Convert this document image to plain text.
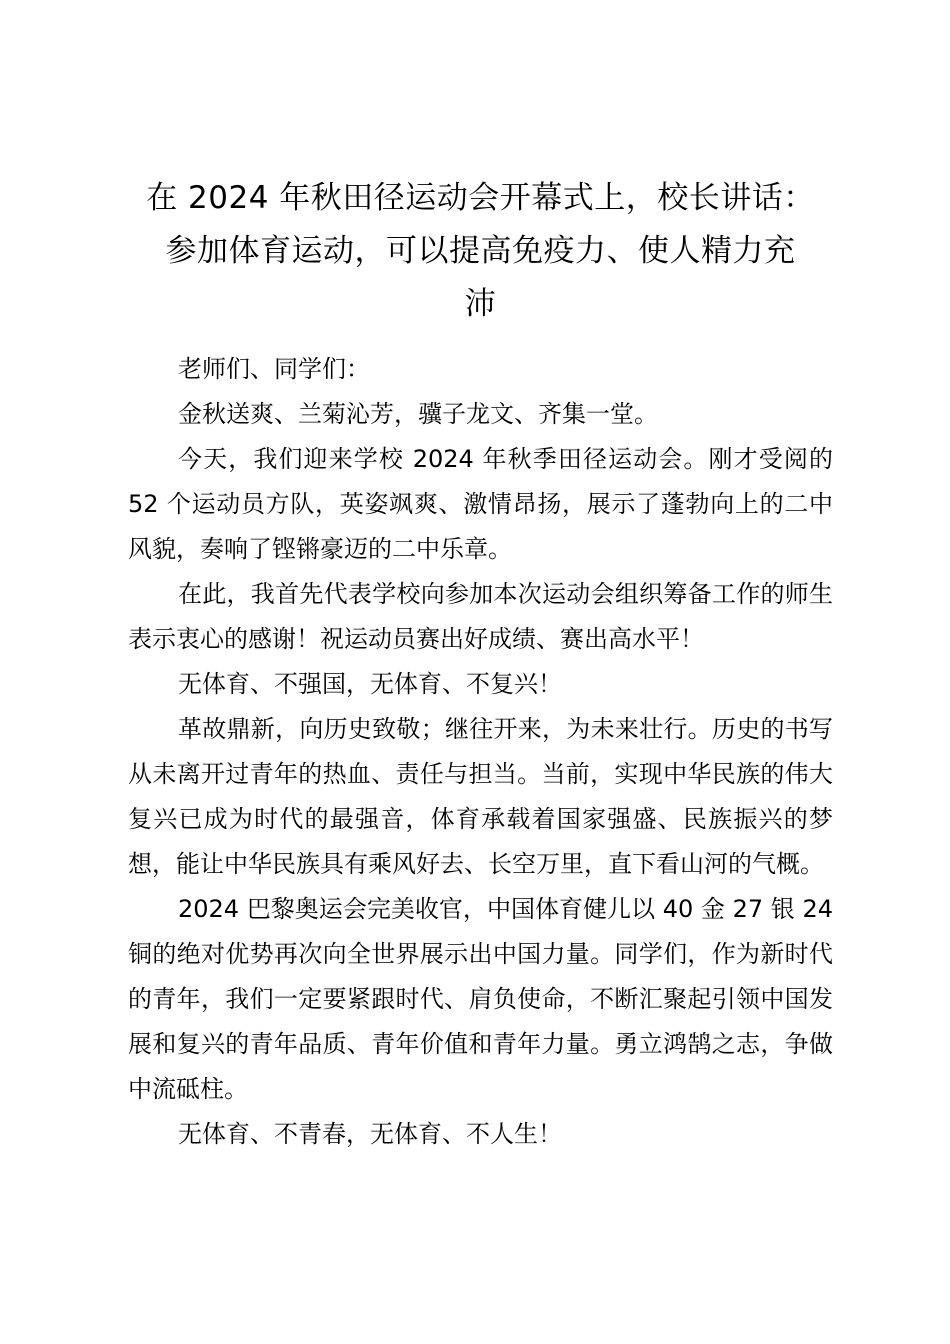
在 2024 年秋田径运动会开幕式上，校长讲话：
参加体育运动，可以提高免疫力、使人精力充
沛

老师们、同学们：

金秋送爽、兰菊沁芳，骥子龙文、齐集一堂。

今天，我们迎来学校 2024 年秋季田径运动会。刚才受阅的 52 个运动员方队，英姿飒爽、激情昂扬，展示了蓬勃向上的二中风貌，奏响了铿锵豪迈的二中乐章。

在此，我首先代表学校向参加本次运动会组织筹备工作的师生表示衷心的感谢！祝运动员赛出好成绩、赛出高水平！

无体育、不强国，无体育、不复兴！

革故鼎新，向历史致敬；继往开来，为未来壮行。历史的书写从未离开过青年的热血、责任与担当。当前，实现中华民族的伟大复兴已成为时代的最强音，体育承载着国家强盛、民族振兴的梦想，能让中华民族具有乘风好去、长空万里，直下看山河的气概。

2024 巴黎奥运会完美收官，中国体育健儿以 40 金 27 银 24 铜的绝对优势再次向全世界展示出中国力量。同学们，作为新时代的青年，我们一定要紧跟时代、肩负使命，不断汇聚起引领中国发展和复兴的青年品质、青年价值和青年力量。勇立鸿鹄之志，争做中流砥柱。

无体育、不青春，无体育、不人生！
